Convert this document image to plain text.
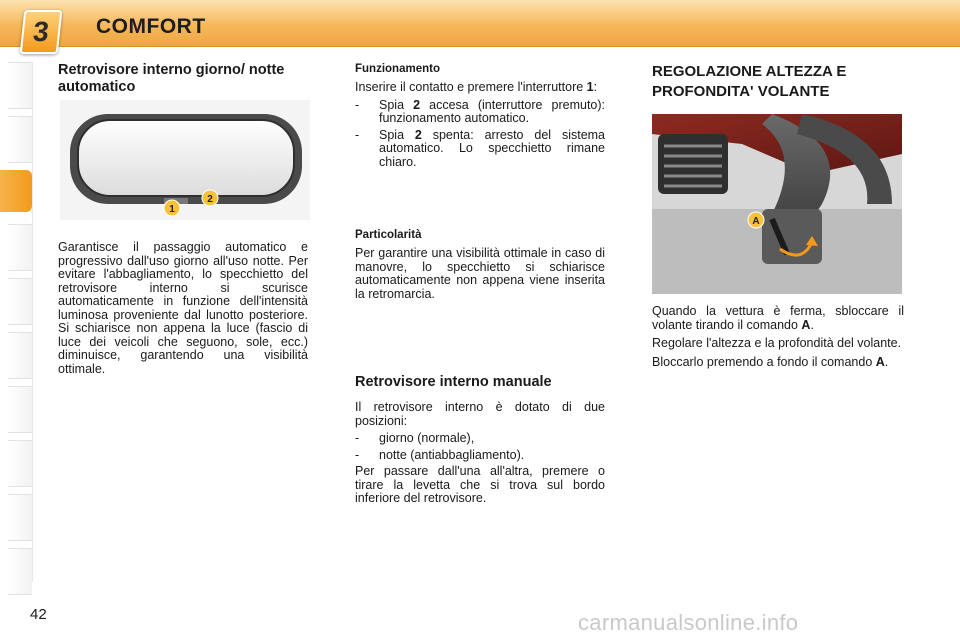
3 COMFORT
Retrovisore interno giorno/ notte automatico
1
2

Garantisce il passaggio automatico e progressivo dall'uso giorno all'uso notte. Per evitare l'abbagliamento, lo specchietto del retrovisore interno si scurisce automaticamente in funzione dell'intensità luminosa proveniente dal lunotto posteriore. Si schiarisce non appena la luce (fascio di luce dei veicoli che seguono, sole, ecc.) diminuisce, garantendo una visibilità ottimale.

Funzionamento

Inserire il contatto e premere l'interruttore 1:

- Spia 2 accesa (interruttore premuto): funzionamento automatico.
- Spia 2 spenta: arresto del sistema automatico. Lo specchietto rimane chiaro.
Particolarità

Per garantire una visibilità ottimale in caso di manovre, lo specchietto si schiarisce automaticamente non appena viene inserita la retromarcia.

Retrovisore interno manuale

Il retrovisore interno è dotato di due posizioni:

- giorno (normale),
- notte (antiabbagliamento).

Per passare dall'una all'altra, premere o tirare la levetta che si trova sul bordo inferiore del retrovisore.

REGOLAZIONE ALTEZZA E
PROFONDITA' VOLANTE
A

Quando la vettura è ferma, sbloccare il volante tirando il comando A.

Regolare l'altezza e la profondità del volante.

Bloccarlo premendo a fondo il comando A.

42	carmanualsonline.info
